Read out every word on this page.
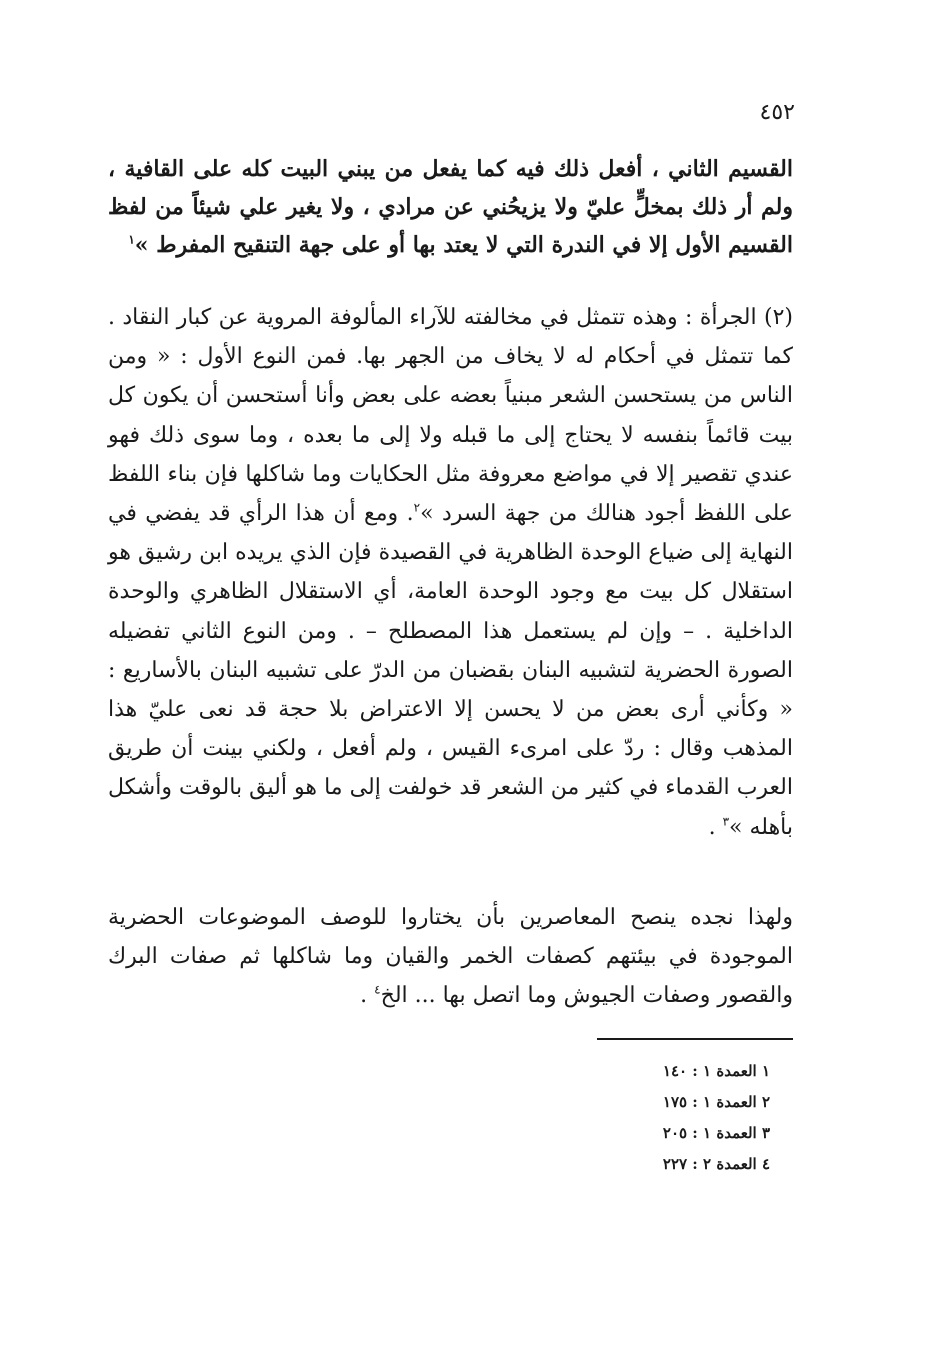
٤٥٢
القسيم الثاني ، أفعل ذلك فيه كما يفعل من يبني البيت كله على القافية ، ولم أر ذلك بمخلٍّ عليّ ولا يزيحُني عن مرادي ، ولا يغير علي شيئاً من لفظ القسيم الأول إلا في الندرة التي لا يعتد بها أو على جهة التنقيح المفرط »$^١$
(٢) الجرأة : وهذه تتمثل في مخالفته للآراء المألوفة المروية عن كبار النقاد . كما تتمثل في أحكام له لا يخاف من الجهر بها. فمن النوع الأول : « ومن الناس من يستحسن الشعر مبنياً بعضه على بعض وأنا أستحسن أن يكون كل بيت قائماً بنفسه لا يحتاج إلى ما قبله ولا إلى ما بعده ، وما سوى ذلك فهو عندي تقصير إلا في مواضع معروفة مثل الحكايات وما شاكلها فإن بناء اللفظ على اللفظ أجود هنالك من جهة السرد »$^٢$. ومع أن هذا الرأي قد يفضي في النهاية إلى ضياع الوحدة الظاهرية في القصيدة فإن الذي يريده ابن رشيق هو استقلال كل بيت مع وجود الوحدة العامة، أي الاستقلال الظاهري والوحدة الداخلية . – وإن لم يستعمل هذا المصطلح – . ومن النوع الثاني تفضيله الصورة الحضرية لتشبيه البنان بقضبان من الدرّ على تشبيه البنان بالأساريع : « وكأني أرى بعض من لا يحسن إلا الاعتراض بلا حجة قد نعى عليّ هذا المذهب وقال : ردّ على امرىء القيس ، ولم أفعل ، ولكني بينت أن طريق العرب القدماء في كثير من الشعر قد خولفت إلى ما هو أليق بالوقت وأشكل بأهله »$^٣$ .
ولهذا نجده ينصح المعاصرين بأن يختاروا للوصف الموضوعات الحضرية الموجودة في بيئتهم كصفات الخمر والقيان وما شاكلها ثم صفات البرك والقصور وصفات الجيوش وما اتصل بها ... الخ$^٤$ .
١ العمدة ١ : ١٤٠
٢ العمدة ١ : ١٧٥
٣ العمدة ١ : ٢٠٥
٤ العمدة ٢ : ٢٢٧
